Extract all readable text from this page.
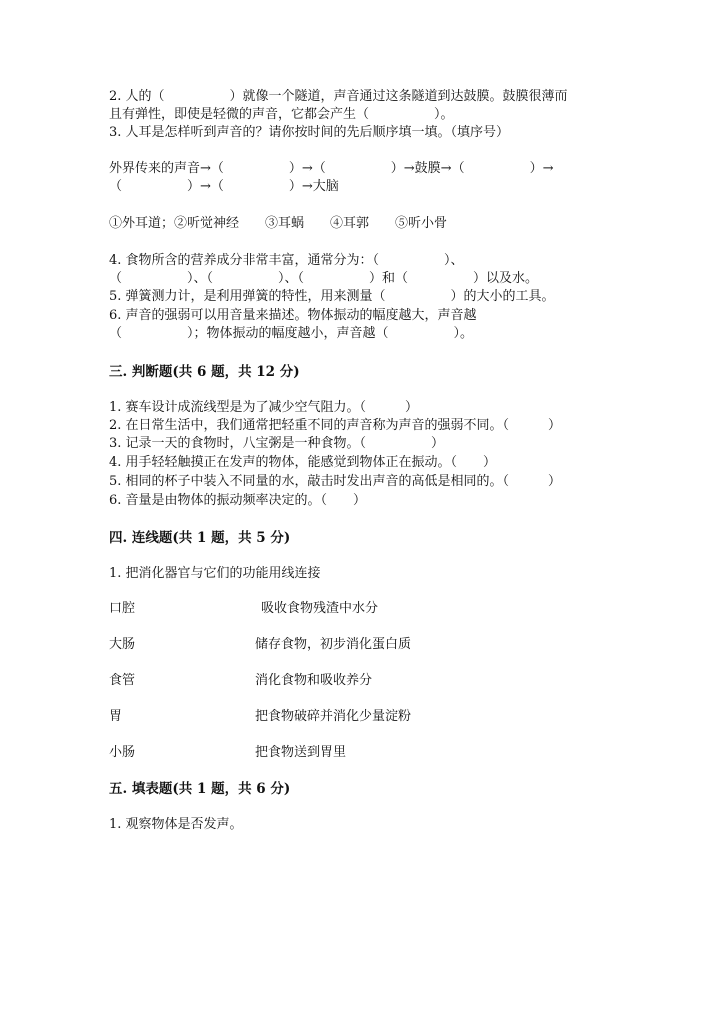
2. 人的（　　　　　）就像一个隧道，声音通过这条隧道到达鼓膜。鼓膜很薄而
且有弹性，即使是轻微的声音，它都会产生（　　　　　）。
3. 人耳是怎样听到声音的？请你按时间的先后顺序填一填。（填序号）
外界传来的声音→（　　　　　）→（　　　　　）→鼓膜→（　　　　　）→
（　　　　　）→（　　　　　）→大脑
①外耳道；②听觉神经　　③耳蜗　　④耳郭　　⑤听小骨
4. 食物所含的营养成分非常丰富，通常分为：（　　　　　）、
（　　　　　）、（　　　　　）、（　　　　　）和（　　　　　）以及水。
5. 弹簧测力计，是利用弹簧的特性，用来测量（　　　　　）的大小的工具。
6. 声音的强弱可以用音量来描述。物体振动的幅度越大，声音越
（　　　　　）；物体振动的幅度越小，声音越（　　　　　）。
三. 判断题(共 6 题，共 12 分)
1. 赛车设计成流线型是为了减少空气阻力。（　　　）
2. 在日常生活中，我们通常把轻重不同的声音称为声音的强弱不同。（　　　）
3. 记录一天的食物时，八宝粥是一种食物。（　　　　　）
4. 用手轻轻触摸正在发声的物体，能感觉到物体正在振动。（　　）
5. 相同的杯子中装入不同量的水，敲击时发出声音的高低是相同的。（　　　）
6. 音量是由物体的振动频率决定的。（　　）
四. 连线题(共 1 题，共 5 分)
1. 把消化器官与它们的功能用线连接
口腔	吸收食物残渣中水分
大肠	储存食物，初步消化蛋白质
食管	消化食物和吸收养分
胃	把食物破碎并消化少量淀粉
小肠	把食物送到胃里
五. 填表题(共 1 题，共 6 分)
1. 观察物体是否发声。
